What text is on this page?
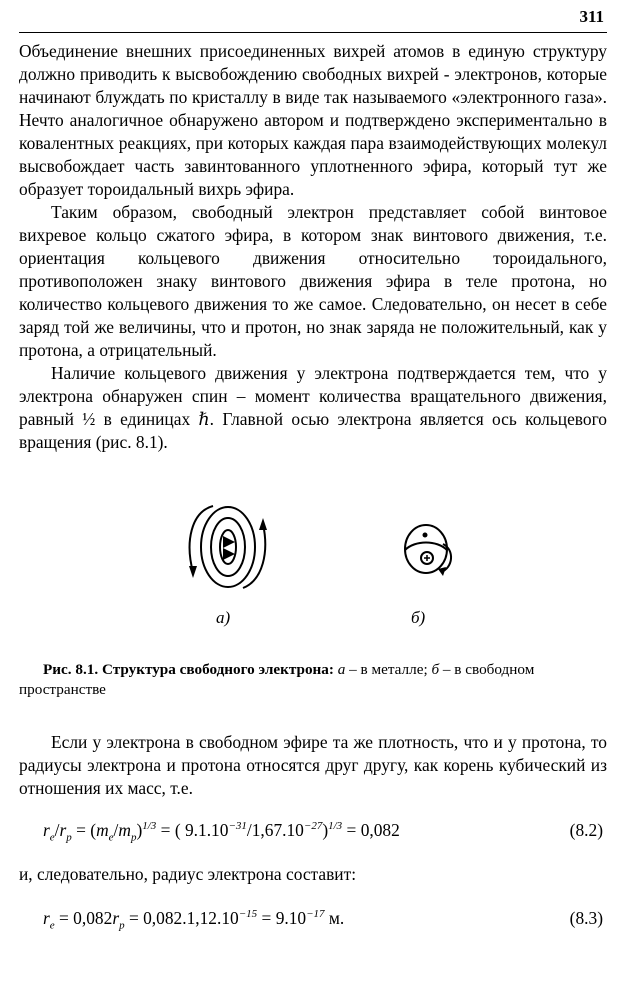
311

Объединение внешних присоединенных вихрей атомов в единую структуру должно приводить к высвобождению свободных вихрей - электронов, которые начинают блуждать по кристаллу в виде так называемого «электронного газа». Нечто аналогичное обнаружено автором и подтверждено экспериментально в ковалентных реакциях, при которых каждая пара взаимодействующих молекул высвобождает часть завинтованного уплотненного эфира, который тут же образует тороидальный вихрь эфира.

Таким образом, свободный электрон представляет собой винтовое вихревое кольцо сжатого эфира, в котором знак винтового движения, т.е. ориентация кольцевого движения относительно тороидального, противоположен знаку винтового движения эфира в теле протона, но количество кольцевого движения то же самое. Следовательно, он несет в себе заряд той же величины, что и протон, но знак заряда не положительный, как у протона, а отрицательный.

Наличие кольцевого движения у электрона подтверждается тем, что у электрона обнаружен спин – момент количества вращательного движения, равный ½ в единицах ℏ. Главной осью электрона является ось кольцевого вращения (рис. 8.1).

а)	б)
Рис. 8.1. Структура свободного электрона: а – в металле; б – в свободном пространстве

Если у электрона в свободном эфире та же плотность, что и у протона, то радиусы электрона и протона относятся друг другу, как корень кубический из отношения их масс, т.е.

$r_e/r_p = (m_e/m_p)^{1/3}$ = ( $9.1.10^{-31}/1,67.10^{-27})^{1/3} = 0,082$	(8.2)

и, следовательно, радиус электрона составит:

$r_e = 0,082r_p = 0,082.1,12.10^{-15} = 9.10^{-17}$ м.	(8.3)
